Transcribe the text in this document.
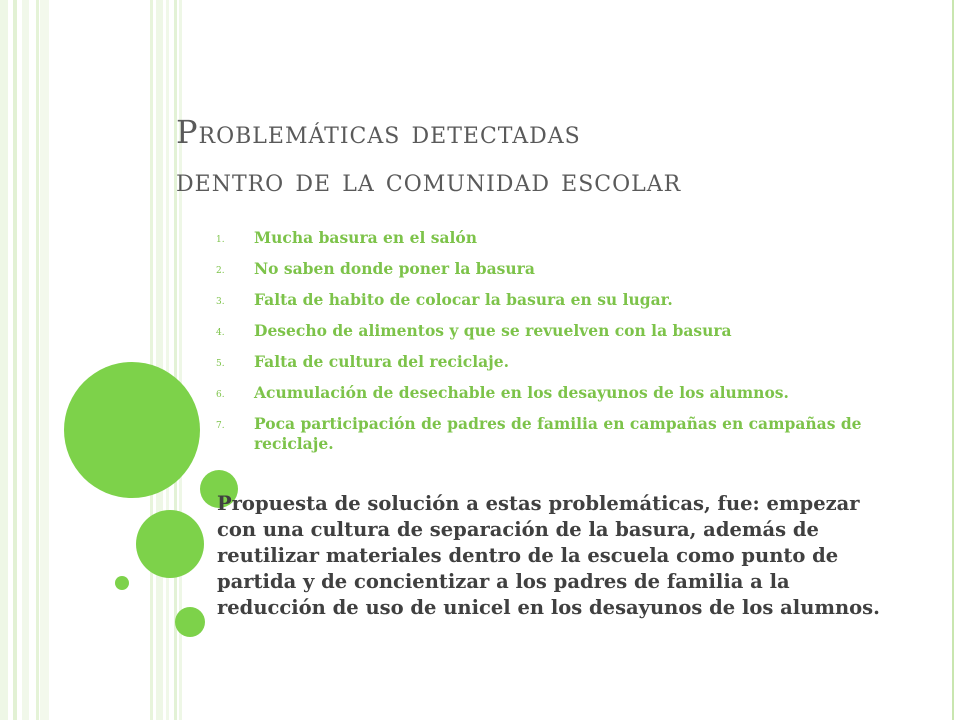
Problemáticas detectadas
dentro de la comunidad escolar
1.	Mucha basura en el salón
2.	No saben donde poner la basura
3.	Falta de habito de colocar la basura en su lugar.
4.	Desecho de alimentos y que se revuelven con la basura
5.	Falta de cultura del reciclaje.
6.	Acumulación de desechable en los desayunos de los alumnos.
7.	Poca participación de padres de familia en campañas en campañas de reciclaje.

Propuesta de solución a estas problemáticas, fue: empezar con una cultura de separación de la basura, además de reutilizar materiales dentro de la escuela como punto de partida y de concientizar a los padres de familia a la reducción de uso de unicel en los desayunos de los alumnos.
